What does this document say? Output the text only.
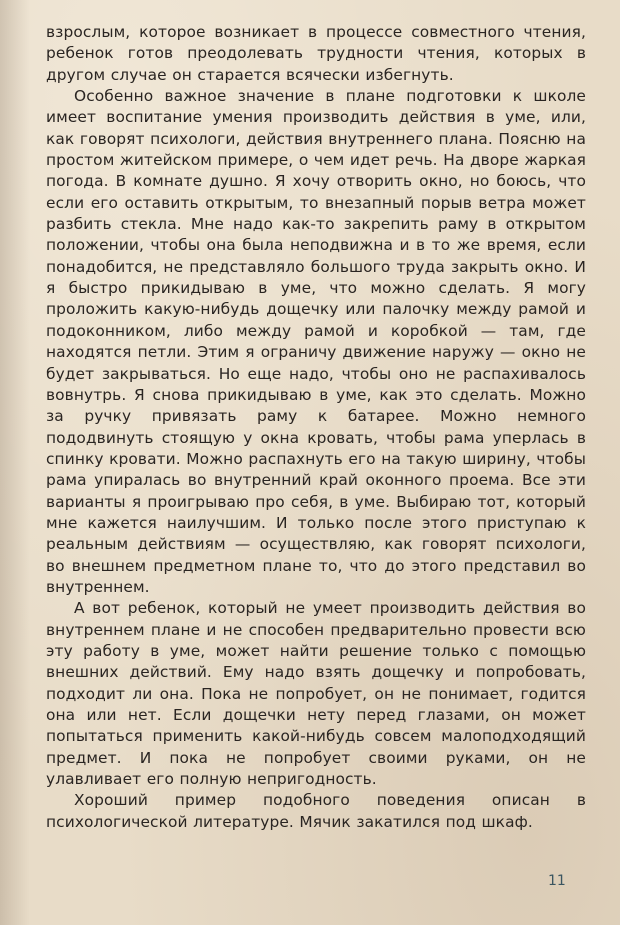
взрослым, которое возникает в процессе совместного чтения, ребенок готов преодолевать трудности чтения, которых в другом случае он старается всячески избегнуть.

Особенно важное значение в плане подготовки к школе имеет воспитание умения производить действия в уме, или, как говорят психологи, действия внутреннего плана. Поясню на простом житейском примере, о чем идет речь. На дворе жаркая погода. В комнате душно. Я хочу отворить окно, но боюсь, что если его оставить открытым, то внезапный порыв ветра может разбить стекла. Мне надо как-то закрепить раму в открытом положении, чтобы она была неподвижна и в то же время, если понадобится, не представляло большого труда закрыть окно. И я быстро прикидываю в уме, что можно сделать. Я могу проложить какую-нибудь дощечку или палочку между рамой и подоконником, либо между рамой и коробкой — там, где находятся петли. Этим я ограничу движение наружу — окно не будет закрываться. Но еще надо, чтобы оно не распахивалось вовнутрь. Я снова прикидываю в уме, как это сделать. Можно за ручку привязать раму к батарее. Можно немного пододвинуть стоящую у окна кровать, чтобы рама уперлась в спинку кровати. Можно распахнуть его на такую ширину, чтобы рама упиралась во внутренний край оконного проема. Все эти варианты я проигрываю про себя, в уме. Выбираю тот, который мне кажется наилучшим. И только после этого приступаю к реальным действиям — осуществляю, как говорят психологи, во внешнем предметном плане то, что до этого представил во внутреннем.

А вот ребенок, который не умеет производить действия во внутреннем плане и не способен предварительно провести всю эту работу в уме, может найти решение только с помощью внешних действий. Ему надо взять дощечку и попробовать, подходит ли она. Пока не попробует, он не понимает, годится она или нет. Если дощечки нету перед глазами, он может попытаться применить какой-нибудь совсем малоподходящий предмет. И пока не попробует своими руками, он не улавливает его полную непригодность.

Хороший пример подобного поведения описан в психологической литературе. Мячик закатился под шкаф.

11
